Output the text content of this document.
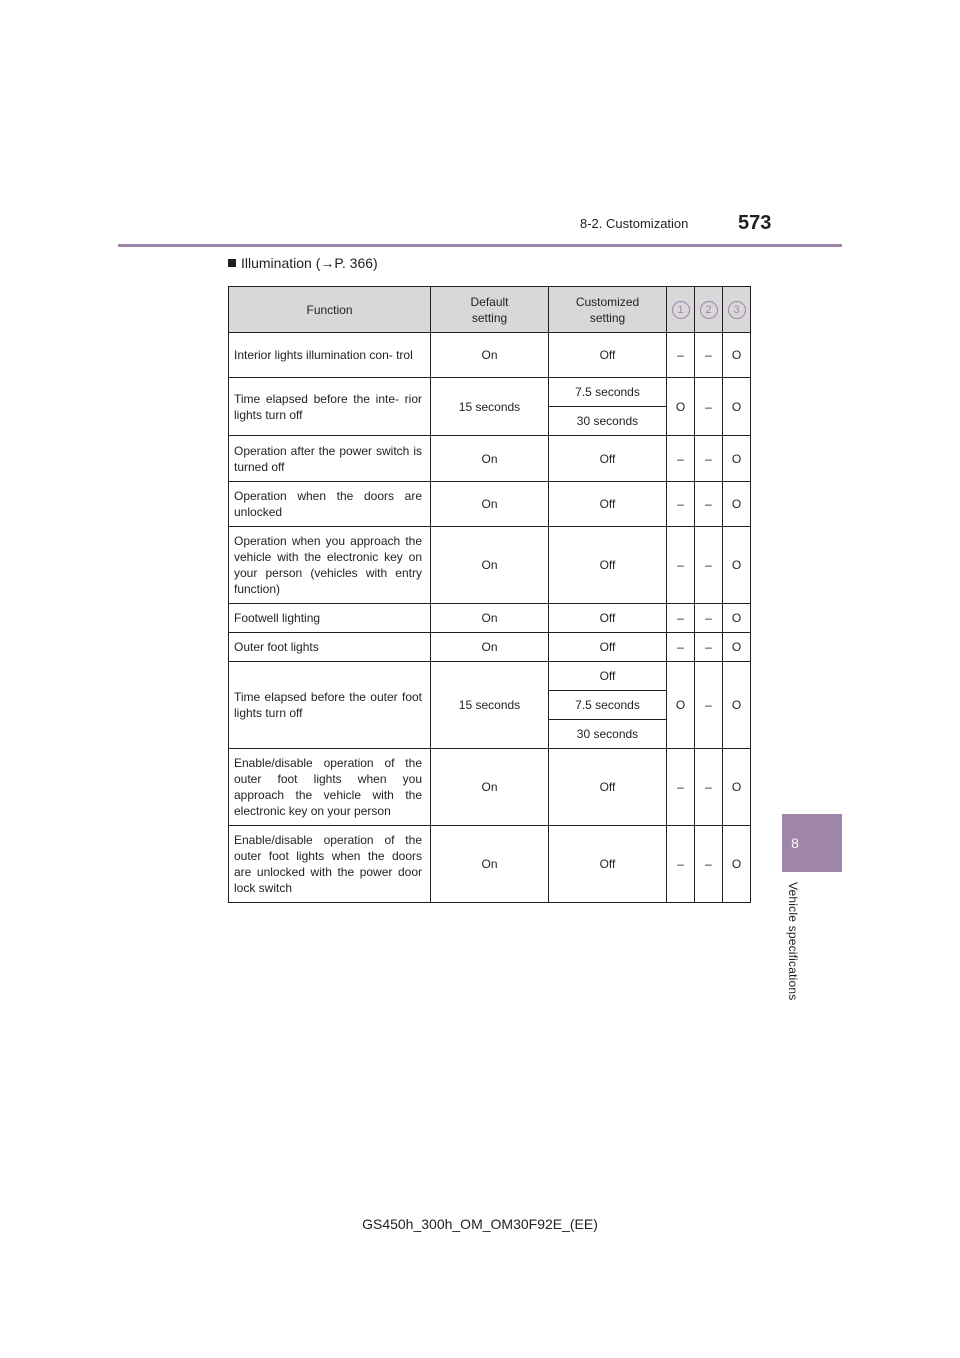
8-2. Customization 573
8
Vehicle specifications
Illumination (→P. 366)
Function	Default setting	Customized setting	1	2	3
Interior lights illumination con- trol	On	Off	–	–	O
Time elapsed before the inte- rior lights turn off	15 seconds	7.5 seconds	O	–	O
		30 seconds			
Operation after the power switch is turned off	On	Off	–	–	O
Operation when the doors are unlocked	On	Off	–	–	O
Operation when you approach the vehicle with the electronic key on your person (vehicles with entry function)	On	Off	–	–	O
Footwell lighting	On	Off	–	–	O
Outer foot lights	On	Off	–	–	O
Time elapsed before the outer foot lights turn off	15 seconds	Off	O	–	O
		7.5 seconds			
		30 seconds			
Enable/disable operation of the outer foot lights when you approach the vehicle with the electronic key on your person	On	Off	–	–	O
Enable/disable operation of the outer foot lights when the doors are unlocked with the power door lock switch	On	Off	–	–	O
GS450h_300h_OM_OM30F92E_(EE)
